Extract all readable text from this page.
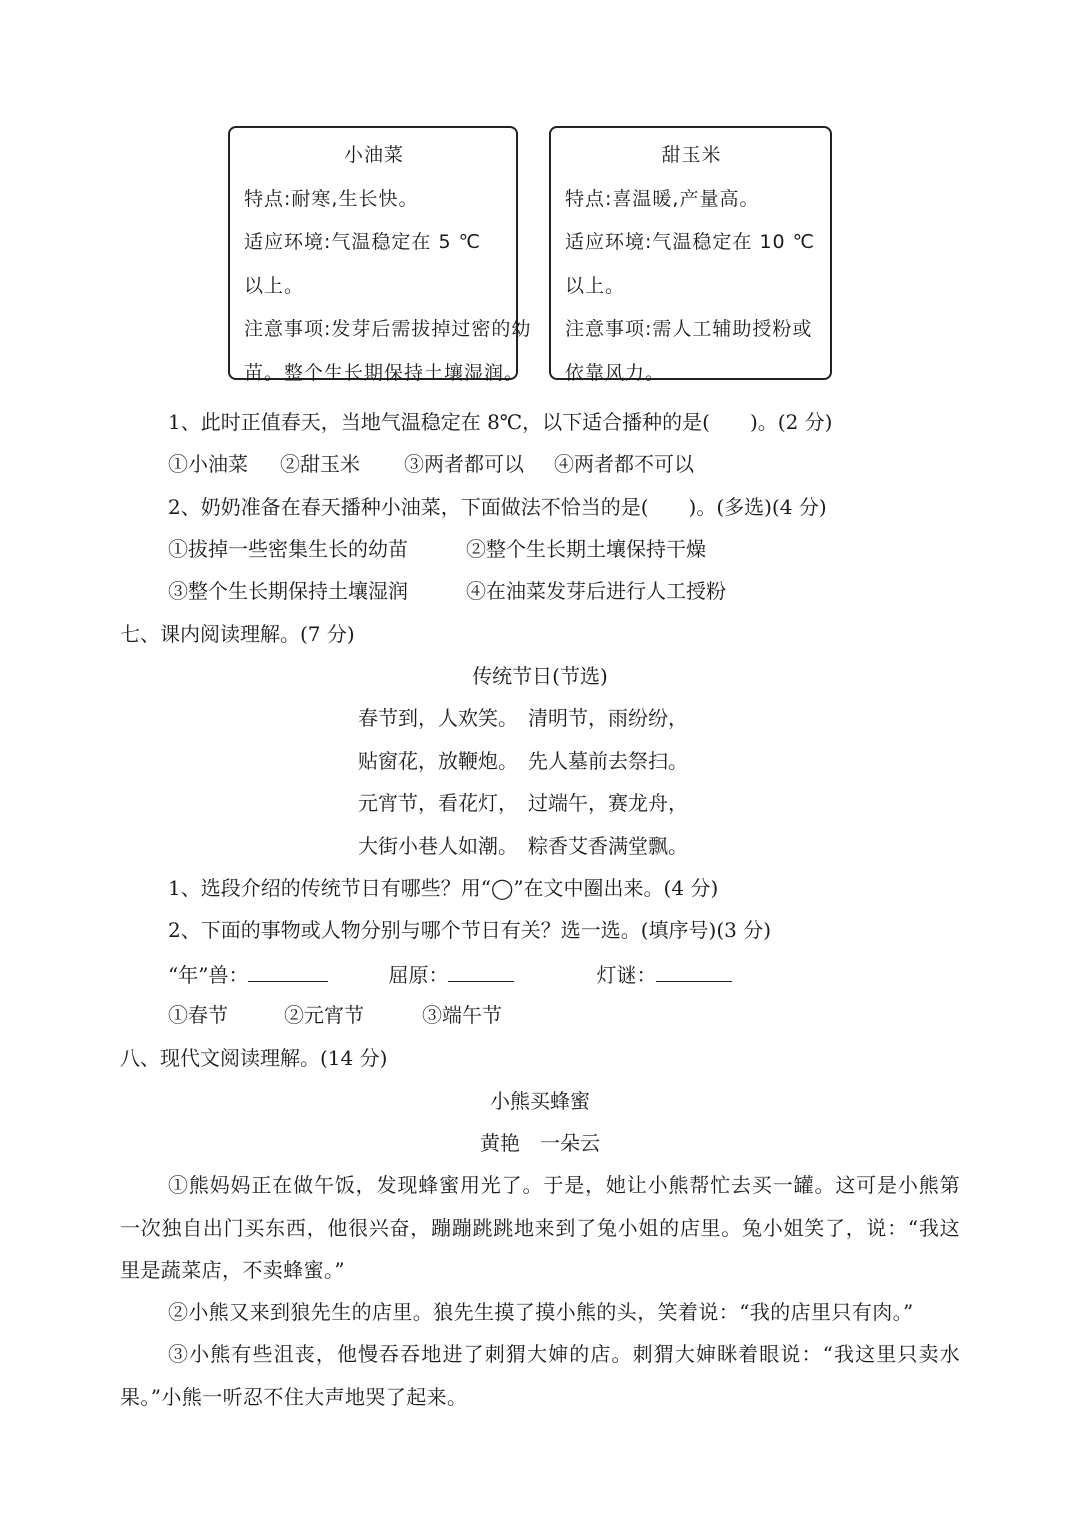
小油菜
特点:耐寒,生长快。
适应环境:气温稳定在 5 ℃
以上。
注意事项:发芽后需拔掉过密的幼
苗。整个生长期保持土壤湿润。
甜玉米
特点:喜温暖,产量高。
适应环境:气温稳定在 10 ℃
以上。
注意事项:需人工辅助授粉或
依靠风力。
1、此时正值春天，当地气温稳定在 8℃，以下适合播种的是(　　)。(2 分)
①小油菜 ②甜玉米 ③两者都可以 ④两者都不可以
2、奶奶准备在春天播种小油菜，下面做法不恰当的是(　　)。(多选)(4 分)
①拔掉一些密集生长的幼苗	②整个生长期土壤保持干燥
③整个生长期保持土壤湿润	④在油菜发芽后进行人工授粉
七、课内阅读理解。(7 分)
传统节日(节选)
春节到，人欢笑。　清明节，雨纷纷，
贴窗花，放鞭炮。　先人墓前去祭扫。
元宵节，看花灯，　过端午，赛龙舟，
大街小巷人如潮。　粽香艾香满堂飘。
1、选段介绍的传统节日有哪些？用“◯”在文中圈出来。(4 分)
2、下面的事物或人物分别与哪个节日有关？选一选。(填序号)(3 分)
“年”兽：	屈原：	灯谜：
①春节	②元宵节	③端午节
八、现代文阅读理解。(14 分)
小熊买蜂蜜
黄艳　一朵云
①熊妈妈正在做午饭，发现蜂蜜用光了。于是，她让小熊帮忙去买一罐。这可是小熊第一次独自出门买东西，他很兴奋，蹦蹦跳跳地来到了兔小姐的店里。兔小姐笑了，说：“我这里是蔬菜店，不卖蜂蜜。”
②小熊又来到狼先生的店里。狼先生摸了摸小熊的头，笑着说：“我的店里只有肉。”
③小熊有些沮丧，他慢吞吞地进了刺猬大婶的店。刺猬大婶眯着眼说：“我这里只卖水果。”小熊一听忍不住大声地哭了起来。
